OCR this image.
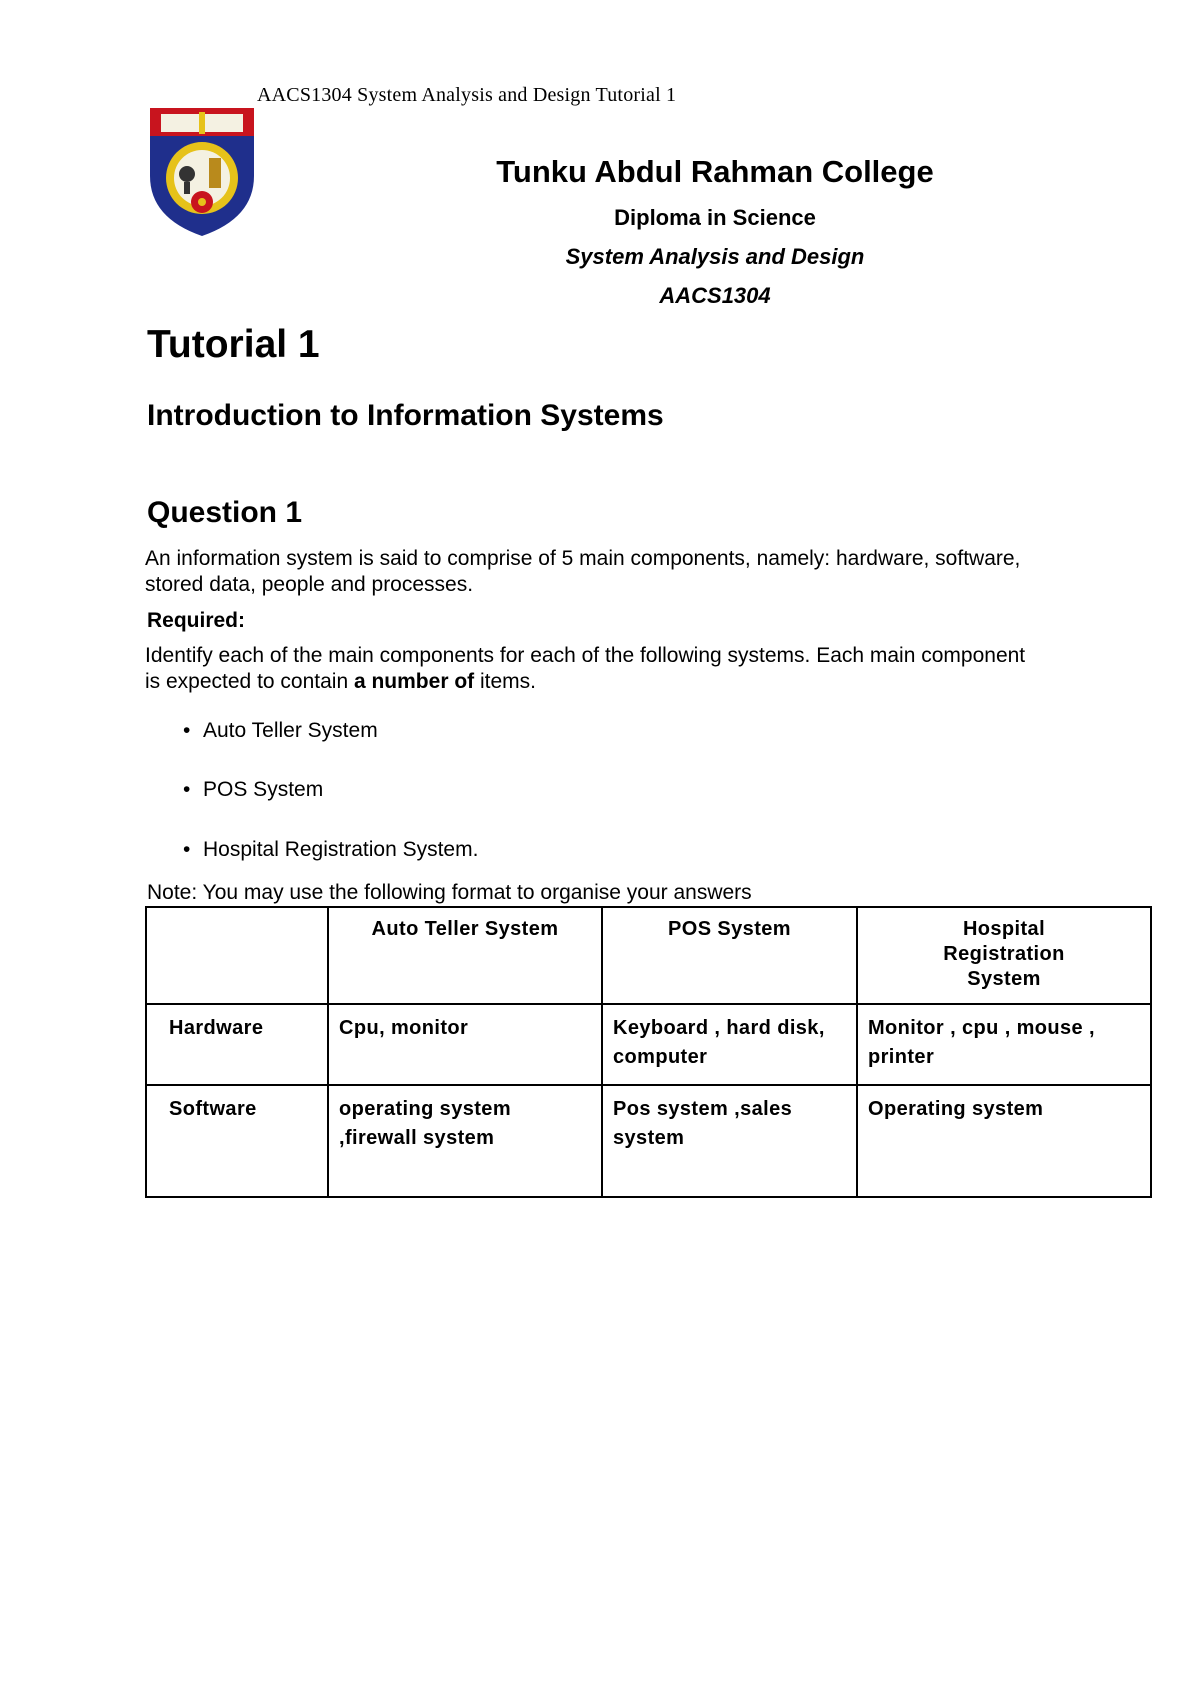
AACS1304 System Analysis and Design Tutorial 1
Tunku Abdul Rahman College
Diploma in Science
System Analysis and Design
AACS1304
Tutorial 1
Introduction to Information Systems
Question 1
An information system is said to comprise of 5 main components, namely: hardware, software, stored data, people and processes.
Required:
Identify each of the main components for each of the following systems. Each main component is expected to contain a number of items.
• Auto Teller System
• POS System
• Hospital Registration System.
Note: You may use the following format to organise your answers
	Auto Teller System	POS System	Hospital Registration System
Hardware	Cpu, monitor	Keyboard , hard disk, computer	Monitor , cpu , mouse , printer
Software	operating system ,firewall system	Pos system ,sales system	Operating system
